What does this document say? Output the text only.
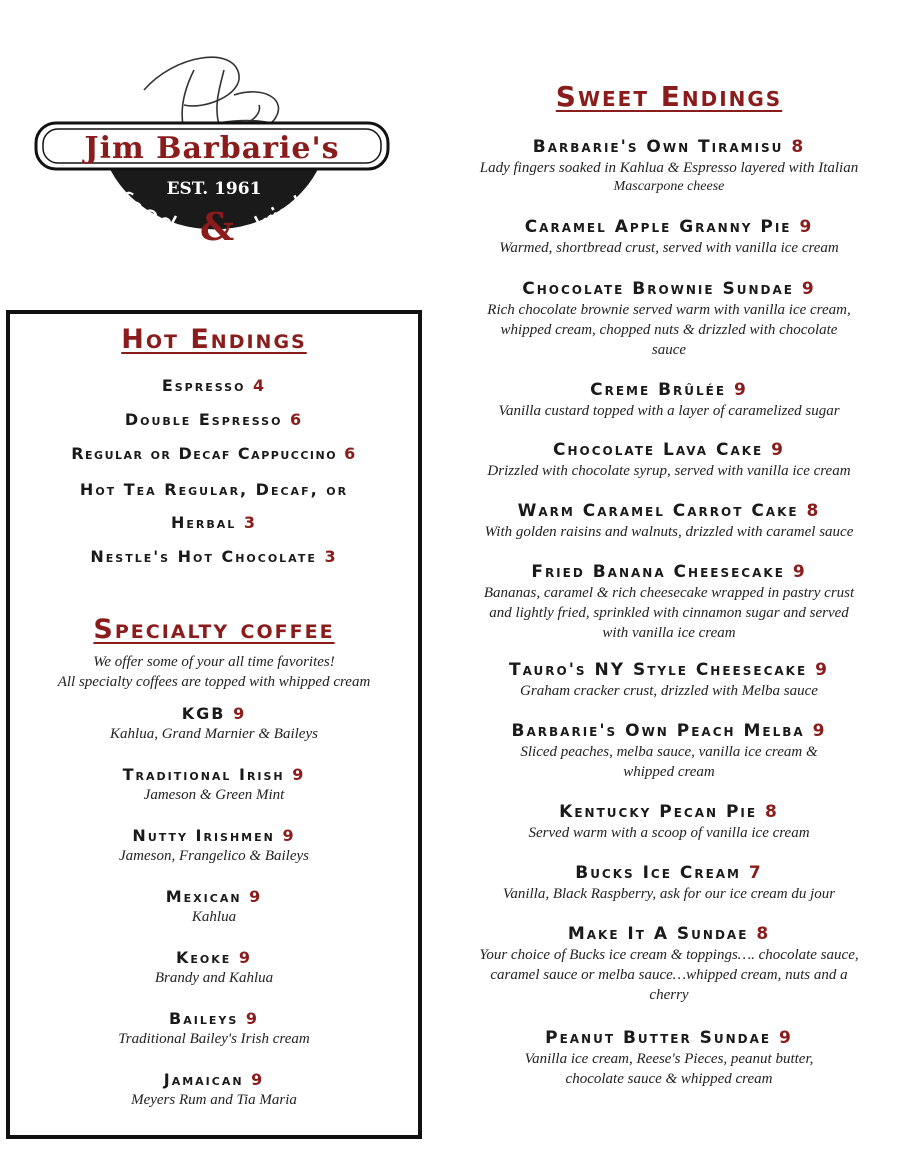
Jim Barbarie's
EST. 1961
food & drink
Hot Endings
Espresso 4
Double Espresso 6
Regular or Decaf Cappuccino 6
Hot Tea Regular, Decaf, or
Herbal 3
Nestle's Hot Chocolate 3
Specialty coffee
We offer some of your all time favorites!
All specialty coffees are topped with whipped cream
KGB 9
Kahlua, Grand Marnier & Baileys
Traditional Irish 9
Jameson & Green Mint
Nutty Irishmen 9
Jameson, Frangelico & Baileys
Mexican 9
Kahlua
Keoke 9
Brandy and Kahlua
Baileys 9
Traditional Bailey's Irish cream
Jamaican 9
Meyers Rum and Tia Maria
Sweet Endings
Barbarie's Own Tiramisu 8
Lady fingers soaked in Kahlua & Espresso layered with Italian
Mascarpone cheese
Caramel Apple Granny Pie 9
Warmed, shortbread crust, served with vanilla ice cream
Chocolate Brownie Sundae 9
Rich chocolate brownie served warm with vanilla ice cream,
whipped cream, chopped nuts & drizzled with chocolate
sauce
Creme Brûlée 9
Vanilla custard topped with a layer of caramelized sugar
Chocolate Lava Cake 9
Drizzled with chocolate syrup, served with vanilla ice cream
Warm Caramel Carrot Cake 8
With golden raisins and walnuts, drizzled with caramel sauce
Fried Banana Cheesecake 9
Bananas, caramel & rich cheesecake wrapped in pastry crust
and lightly fried, sprinkled with cinnamon sugar and served
with vanilla ice cream
Tauro's NY Style Cheesecake 9
Graham cracker crust, drizzled with Melba sauce
Barbarie's Own Peach Melba 9
Sliced peaches, melba sauce, vanilla ice cream &
whipped cream
Kentucky Pecan Pie 8
Served warm with a scoop of vanilla ice cream
Bucks Ice Cream 7
Vanilla, Black Raspberry, ask for our ice cream du jour
Make It A Sundae 8
Your choice of Bucks ice cream & toppings…. chocolate sauce,
caramel sauce or melba sauce…whipped cream, nuts and a
cherry
Peanut Butter Sundae 9
Vanilla ice cream, Reese's Pieces, peanut butter,
chocolate sauce & whipped cream
